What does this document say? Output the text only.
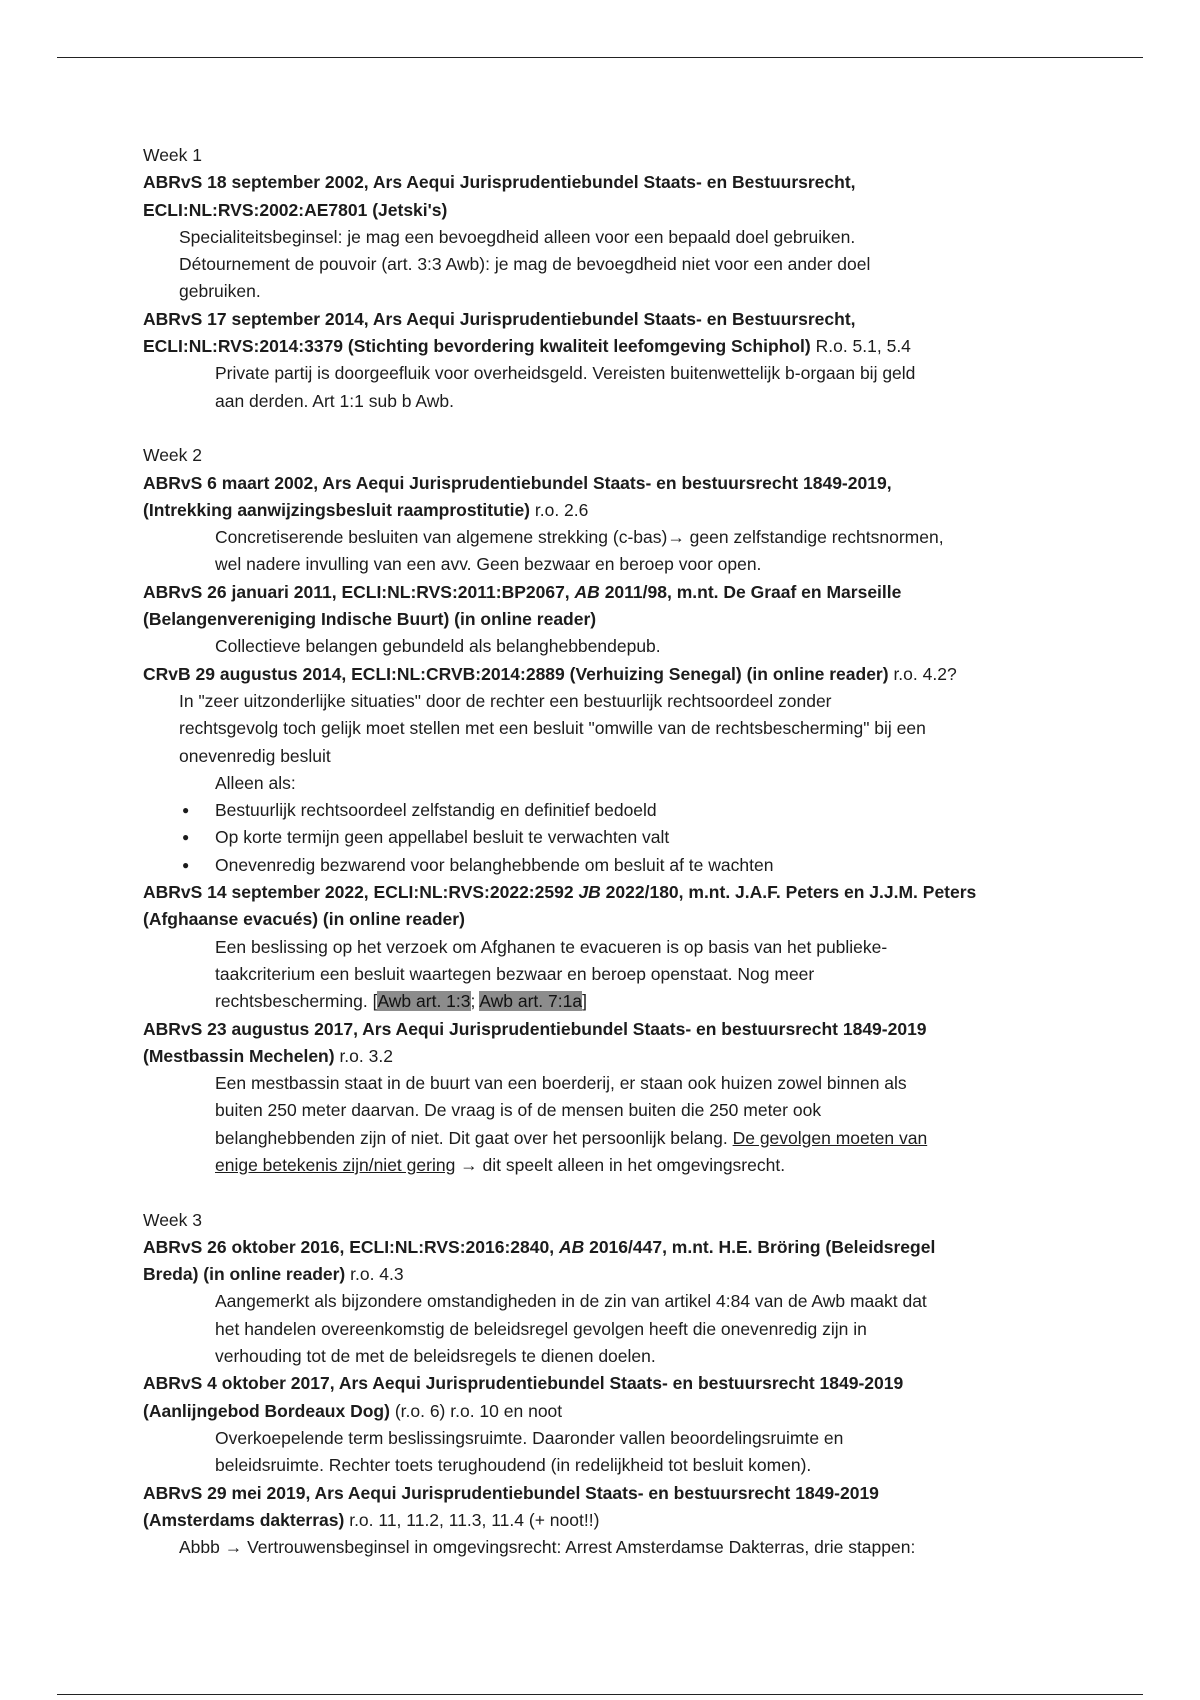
Week 1
ABRvS 18 september 2002, Ars Aequi Jurisprudentiebundel Staats- en Bestuursrecht,
ECLI:NL:RVS:2002:AE7801 (Jetski's)
Specialiteitsbeginsel: je mag een bevoegdheid alleen voor een bepaald doel gebruiken.
Détournement de pouvoir (art. 3:3 Awb): je mag de bevoegdheid niet voor een ander doel
gebruiken.
ABRvS 17 september 2014, Ars Aequi Jurisprudentiebundel Staats- en Bestuursrecht,
ECLI:NL:RVS:2014:3379 (Stichting bevordering kwaliteit leefomgeving Schiphol) R.o. 5.1, 5.4
Private partij is doorgeefluik voor overheidsgeld. Vereisten buitenwettelijk b-orgaan bij geld
aan derden. Art 1:1 sub b Awb.
Week 2
ABRvS 6 maart 2002, Ars Aequi Jurisprudentiebundel Staats- en bestuursrecht 1849-2019,
(Intrekking aanwijzingsbesluit raamprostitutie) r.o. 2.6
Concretiserende besluiten van algemene strekking (c-bas)→ geen zelfstandige rechtsnormen,
wel nadere invulling van een avv. Geen bezwaar en beroep voor open.
ABRvS 26 januari 2011, ECLI:NL:RVS:2011:BP2067, AB 2011/98, m.nt. De Graaf en Marseille
(Belangenvereniging Indische Buurt) (in online reader)
Collectieve belangen gebundeld als belanghebbendepub.
CRvB 29 augustus 2014, ECLI:NL:CRVB:2014:2889 (Verhuizing Senegal) (in online reader) r.o. 4.2?
In "zeer uitzonderlijke situaties" door de rechter een bestuurlijk rechtsoordeel zonder
rechtsgevolg toch gelijk moet stellen met een besluit "omwille van de rechtsbescherming" bij een
onevenredig besluit
Alleen als:
● Bestuurlijk rechtsoordeel zelfstandig en definitief bedoeld
● Op korte termijn geen appellabel besluit te verwachten valt
● Onevenredig bezwarend voor belanghebbende om besluit af te wachten
ABRvS 14 september 2022, ECLI:NL:RVS:2022:2592 JB 2022/180, m.nt. J.A.F. Peters en J.J.M. Peters
(Afghaanse evacués) (in online reader)
Een beslissing op het verzoek om Afghanen te evacueren is op basis van het publieke-
taakcriterium een besluit waartegen bezwaar en beroep openstaat. Nog meer
rechtsbescherming. [Awb art. 1:3; Awb art. 7:1a]
ABRvS 23 augustus 2017, Ars Aequi Jurisprudentiebundel Staats- en bestuursrecht 1849-2019
(Mestbassin Mechelen) r.o. 3.2
Een mestbassin staat in de buurt van een boerderij, er staan ook huizen zowel binnen als
buiten 250 meter daarvan. De vraag is of de mensen buiten die 250 meter ook
belanghebbenden zijn of niet. Dit gaat over het persoonlijk belang. De gevolgen moeten van
enige betekenis zijn/niet gering → dit speelt alleen in het omgevingsrecht.
Week 3
ABRvS 26 oktober 2016, ECLI:NL:RVS:2016:2840, AB 2016/447, m.nt. H.E. Bröring (Beleidsregel
Breda) (in online reader) r.o. 4.3
Aangemerkt als bijzondere omstandigheden in de zin van artikel 4:84 van de Awb maakt dat
het handelen overeenkomstig de beleidsregel gevolgen heeft die onevenredig zijn in
verhouding tot de met de beleidsregels te dienen doelen.
ABRvS 4 oktober 2017, Ars Aequi Jurisprudentiebundel Staats- en bestuursrecht 1849-2019
(Aanlijngebod Bordeaux Dog) (r.o. 6) r.o. 10 en noot
Overkoepelende term beslissingsruimte. Daaronder vallen beoordelingsruimte en
beleidsruimte. Rechter toets terughoudend (in redelijkheid tot besluit komen).
ABRvS 29 mei 2019, Ars Aequi Jurisprudentiebundel Staats- en bestuursrecht 1849-2019
(Amsterdams dakterras) r.o. 11, 11.2, 11.3, 11.4 (+ noot!!)
Abbb → Vertrouwensbeginsel in omgevingsrecht: Arrest Amsterdamse Dakterras, drie stappen:
